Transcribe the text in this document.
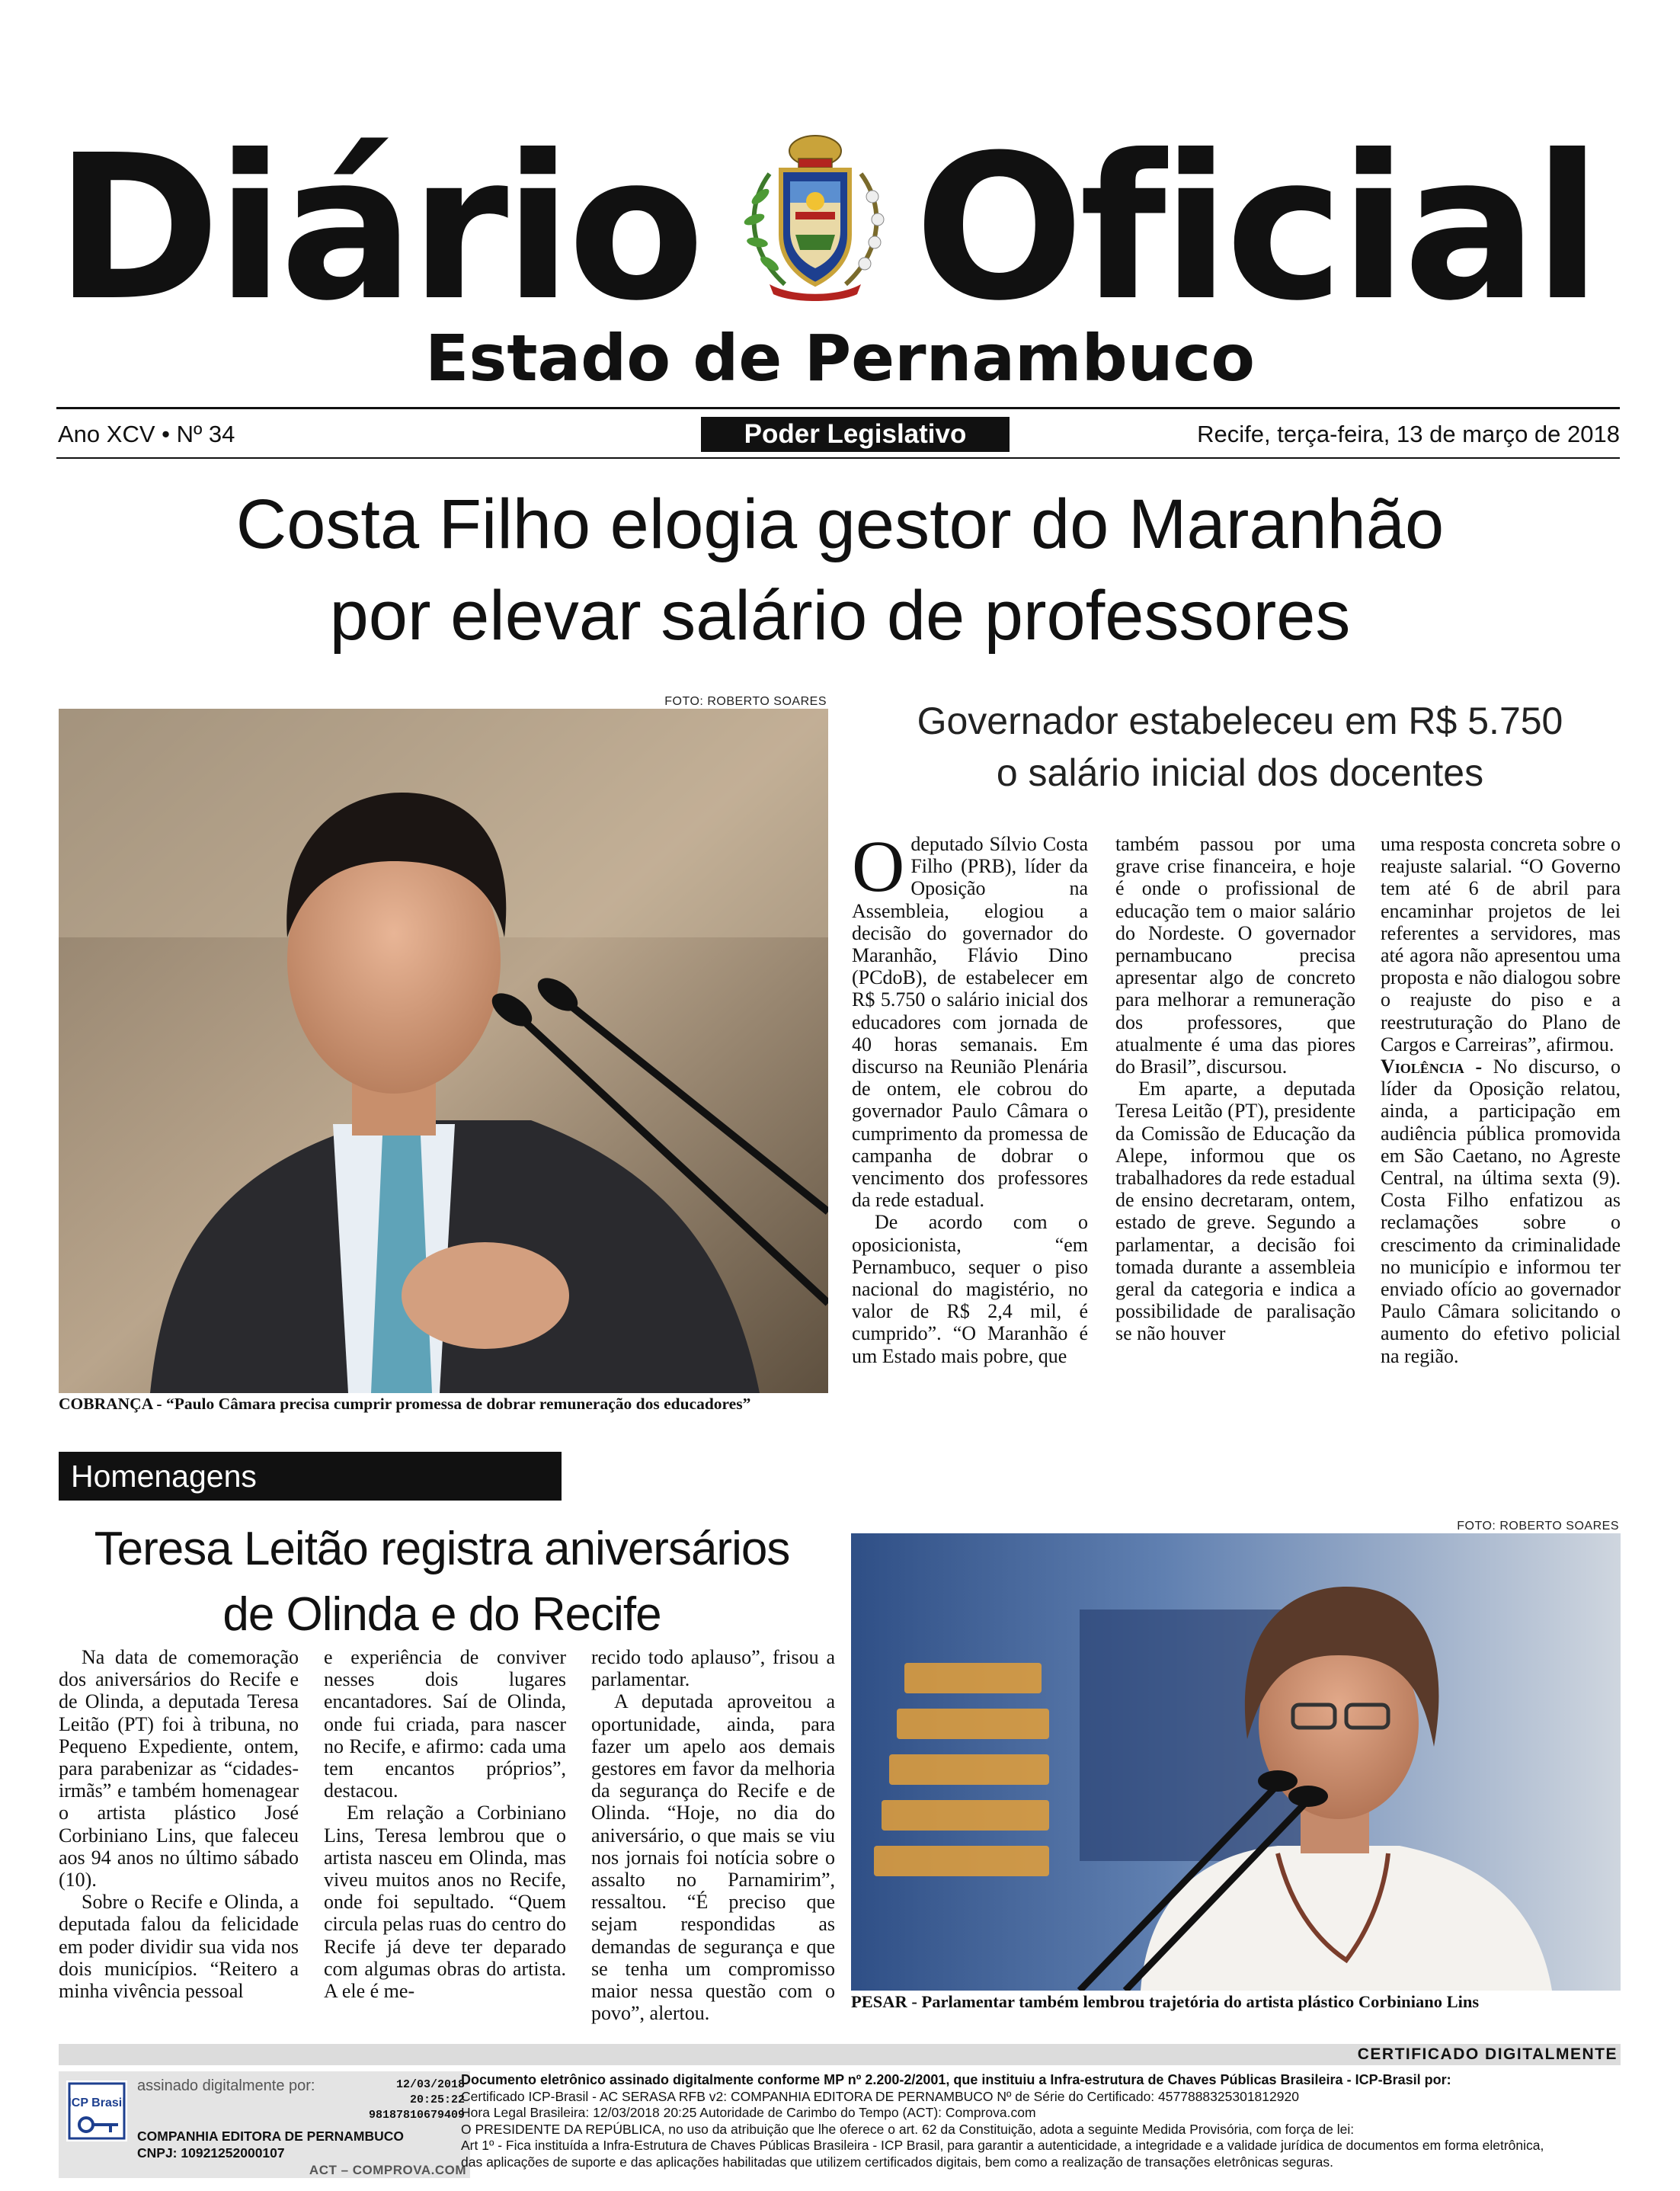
Diário Oficial
Estado de Pernambuco
Ano XCV • Nº 34	Poder Legislativo	Recife, terça-feira, 13 de março de 2018
Costa Filho elogia gestor do Maranhão
por elevar salário de professores
FOTO: ROBERTO SOARES
COBRANÇA - “Paulo Câmara precisa cumprir promessa de dobrar remuneração dos educadores”
Governador estabeleceu em R$ 5.750
o salário inicial dos docentes

Odeputado Sílvio Costa Filho (PRB), líder da Oposição na Assembleia, elogiou a decisão do governador do Maranhão, Flávio Dino (PCdoB), de estabelecer em R$ 5.750 o salário inicial dos educadores com jornada de 40 horas semanais. Em discurso na Reunião Plenária de ontem, ele cobrou do governador Paulo Câmara o cumprimento da promessa de campanha de dobrar o vencimento dos professores da rede estadual.

De acordo com o oposicionista, “em Pernambuco, sequer o piso nacional do magistério, no valor de R$ 2,4 mil, é cumprido”. “O Maranhão é um Estado mais pobre, que

também passou por uma grave crise financeira, e hoje é onde o profissional de educação tem o maior salário do Nordeste. O governador pernambucano precisa apresentar algo de concreto para melhorar a remuneração dos professores, que atualmente é uma das piores do Brasil”, discursou.

Em aparte, a deputada Teresa Leitão (PT), presidente da Comissão de Educação da Alepe, informou que os trabalhadores da rede estadual de ensino decretaram, ontem, estado de greve. Segundo a parlamentar, a decisão foi tomada durante a assembleia geral da categoria e indica a possibilidade de paralisação se não houver

uma resposta concreta sobre o reajuste salarial. “O Governo tem até 6 de abril para encaminhar projetos de lei referentes a servidores, mas até agora não apresentou uma proposta e não dialogou sobre o reajuste do piso e a reestruturação do Plano de Cargos e Carreiras”, afirmou.

Violência - No discurso, o líder da Oposição relatou, ainda, a participação em audiência pública promovida em São Caetano, no Agreste Central, na última sexta (9). Costa Filho enfatizou as reclamações sobre o crescimento da criminalidade no município e informou ter enviado ofício ao governador Paulo Câmara solicitando o aumento do efetivo policial na região.

Homenagens
Teresa Leitão registra aniversários
de Olinda e do Recife

Na data de comemoração dos aniversários do Recife e de Olinda, a deputada Teresa Leitão (PT) foi à tribuna, no Pequeno Expediente, ontem, para parabenizar as “cidades-irmãs” e também homenagear o artista plástico José Corbiniano Lins, que faleceu aos 94 anos no último sábado (10).

Sobre o Recife e Olinda, a deputada falou da felicidade em poder dividir sua vida nos dois municípios. “Reitero a minha vivência pessoal

e experiência de conviver nesses dois lugares encantadores. Saí de Olinda, onde fui criada, para nascer no Recife, e afirmo: cada uma tem encantos próprios”, destacou.

Em relação a Corbiniano Lins, Teresa lembrou que o artista nasceu em Olinda, mas viveu muitos anos no Recife, onde foi sepultado. “Quem circula pelas ruas do centro do Recife já deve ter deparado com algumas obras do artista. A ele é me-

recido todo aplauso”, frisou a parlamentar.

A deputada aproveitou a oportunidade, ainda, para fazer um apelo aos demais gestores em favor da melhoria da segurança do Recife e de Olinda. “Hoje, no dia do aniversário, o que mais se viu nos jornais foi notícia sobre o assalto no Parnamirim”, ressaltou. “É preciso que sejam respondidas as demandas de segurança e que se tenha um compromisso maior nessa questão com o povo”, alertou.

FOTO: ROBERTO SOARES
PESAR - Parlamentar também lembrou trajetória do artista plástico Corbiniano Lins
CERTIFICADO DIGITALMENTE
ICP Brasil
assinado digitalmente por:	12/03/2018
20:25:22
98187810679409
COMPANHIA EDITORA DE PERNAMBUCO
CNPJ: 10921252000107
ACT – COMPROVA.COM
Documento eletrônico assinado digitalmente conforme MP nº 2.200-2/2001, que instituiu a Infra-estrutura de Chaves Públicas Brasileira - ICP-Brasil por:
Certificado ICP-Brasil - AC SERASA RFB v2: COMPANHIA EDITORA DE PERNAMBUCO Nº de Série do Certificado: 4577888325301812920
Hora Legal Brasileira: 12/03/2018 20:25 Autoridade de Carimbo do Tempo (ACT): Comprova.com
O PRESIDENTE DA REPÚBLICA, no uso da atribuição que lhe oferece o art. 62 da Constituição, adota a seguinte Medida Provisória, com força de lei:
Art 1º - Fica instituída a Infra-Estrutura de Chaves Públicas Brasileira - ICP Brasil, para garantir a autenticidade, a integridade e a validade jurídica de documentos em forma eletrônica,
das aplicações de suporte e das aplicações habilitadas que utilizem certificados digitais, bem como a realização de transações eletrônicas seguras.
